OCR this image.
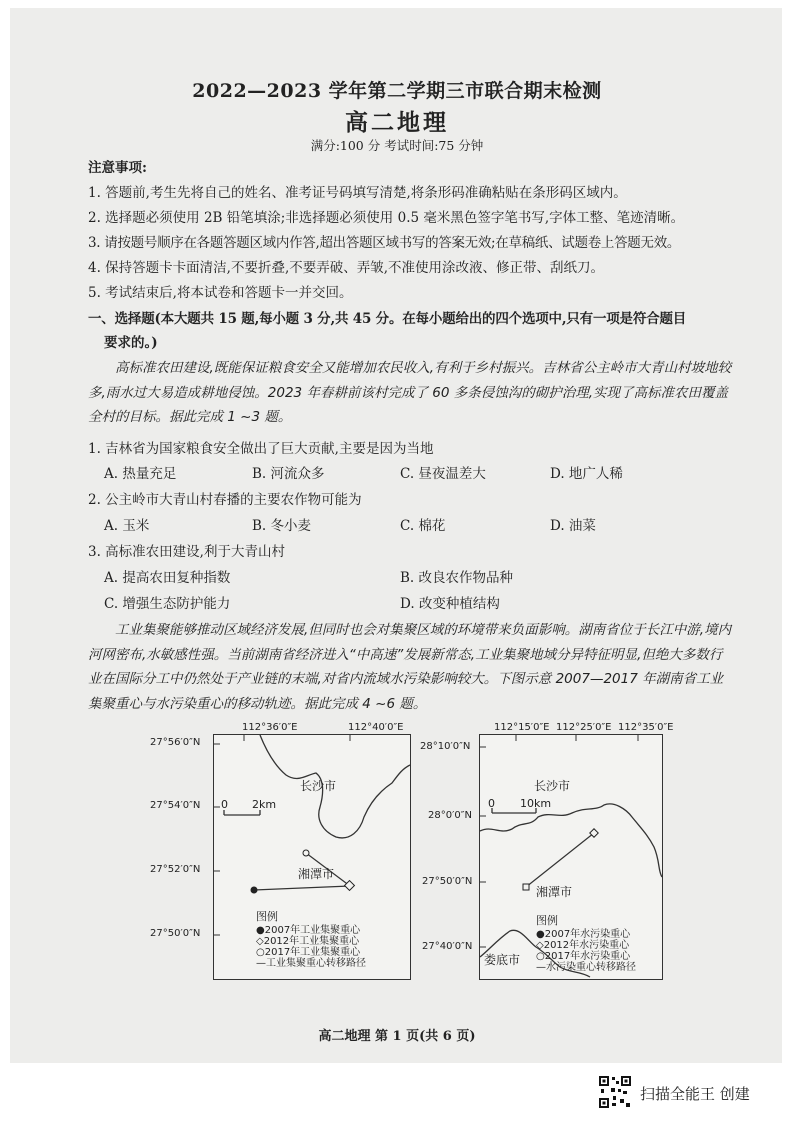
2022—2023 学年第二学期三市联合期末检测
高二地理
满分:100 分 考试时间:75 分钟
注意事项:
1. 答题前,考生先将自己的姓名、准考证号码填写清楚,将条形码准确粘贴在条形码区域内。
2. 选择题必须使用 2B 铅笔填涂;非选择题必须使用 0.5 毫米黑色签字笔书写,字体工整、笔迹清晰。
3. 请按题号顺序在各题答题区域内作答,超出答题区域书写的答案无效;在草稿纸、试题卷上答题无效。
4. 保持答题卡卡面清洁,不要折叠,不要弄破、弄皱,不准使用涂改液、修正带、刮纸刀。
5. 考试结束后,将本试卷和答题卡一并交回。
一、选择题(本大题共 15 题,每小题 3 分,共 45 分。在每小题给出的四个选项中,只有一项是符合题目
要求的。)
高标准农田建设,既能保证粮食安全又能增加农民收入,有利于乡村振兴。吉林省公主岭市大青山村坡地较多,雨水过大易造成耕地侵蚀。2023 年春耕前该村完成了 60 多条侵蚀沟的砌护治理,实现了高标准农田覆盖全村的目标。据此完成 1 ~3 题。
1. 吉林省为国家粮食安全做出了巨大贡献,主要是因为当地
A. 热量充足	B. 河流众多	C. 昼夜温差大	D. 地广人稀
2. 公主岭市大青山村春播的主要农作物可能为
A. 玉米	B. 冬小麦	C. 棉花	D. 油菜
3. 高标准农田建设,利于大青山村
A. 提高农田复种指数	B. 改良农作物品种
C. 增强生态防护能力	D. 改变种植结构
工业集聚能够推动区域经济发展,但同时也会对集聚区域的环境带来负面影响。湖南省位于长江中游,境内河网密布,水敏感性强。当前湖南省经济进入“中高速”发展新常态,工业集聚地域分异特征明显,但绝大多数行业在国际分工中仍然处于产业链的末端,对省内流域水污染影响较大。下图示意 2007—2017 年湖南省工业集聚重心与水污染重心的移动轨迹。据此完成 4 ~6 题。
112°36′0″E	112°40′0″E
27°56′0″N
27°54′0″N
27°52′0″N
27°50′0″N
长沙市
湘潭市
0 2km
图例
●2007年工业集聚重心
◇2012年工业集聚重心
○2017年工业集聚重心
—工业集聚重心转移路径
112°15′0″E 112°25′0″E 112°35′0″E
28°10′0″N
28°0′0″N
27°50′0″N
27°40′0″N
长沙市
湘潭市
娄底市
0 10km
图例
●2007年水污染重心
◇2012年水污染重心
○2017年水污染重心
—水污染重心转移路径
高二地理 第 1 页(共 6 页)
扫描全能王 创建
